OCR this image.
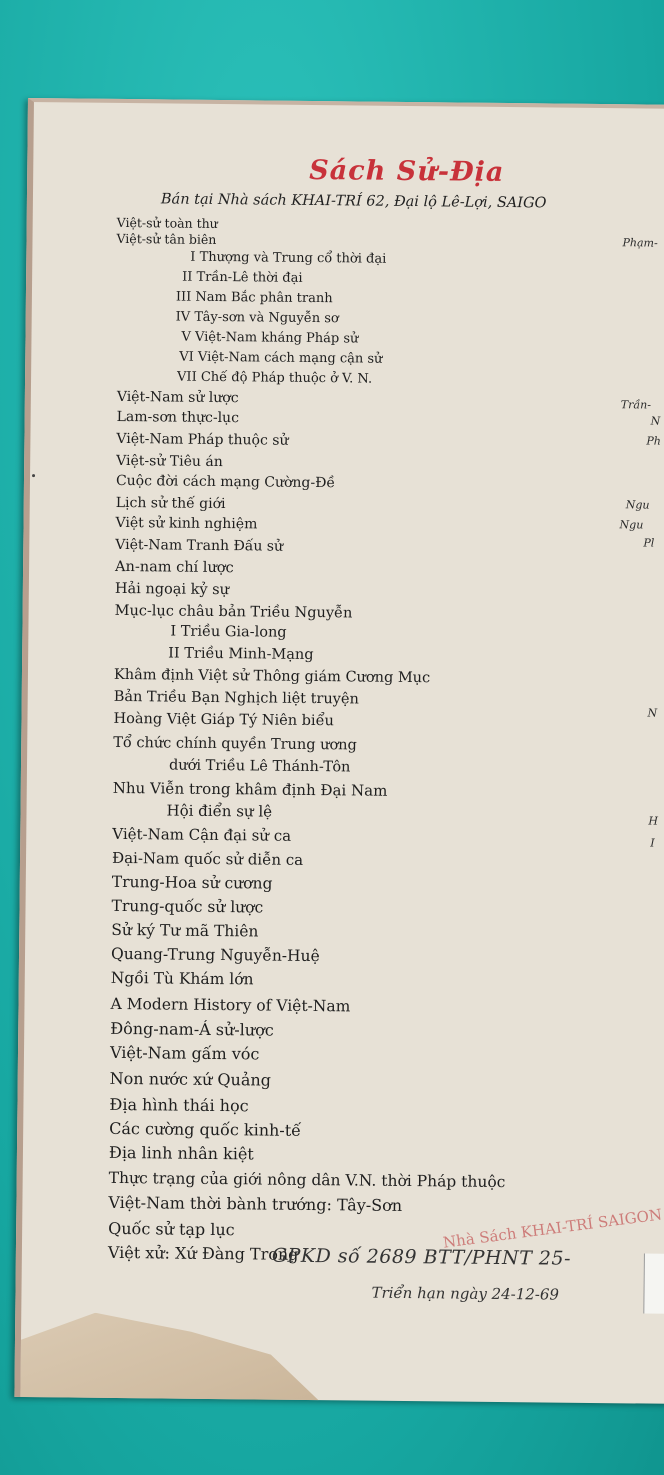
Sách Sử-Địa
Bán tại Nhà sách KHAI-TRÍ 62, Đại lộ Lê-Lợi, SAIGO
Việt-sử toàn thư
Việt-sử tân biên
I Thượng và Trung cổ thời đại
II Trần-Lê thời đại
III Nam Bắc phân tranh
IV Tây-sơn và Nguyễn sơ
V Việt-Nam kháng Pháp sử
VI Việt-Nam cách mạng cận sử
VII Chế độ Pháp thuộc ở V. N.
Việt-Nam sử lược
Lam-sơn thực-lục
Việt-Nam Pháp thuộc sử
Việt-sử Tiêu án
Cuộc đời cách mạng Cường-Đề
Lịch sử thế giới
Việt sử kinh nghiệm
Việt-Nam Tranh Đấu sử
An-nam chí lược
Hải ngoại kỷ sự
Mục-lục châu bản Triều Nguyễn
I Triều Gia-long
II Triều Minh-Mạng
Khâm định Việt sử Thông giám Cương Mục
Bản Triều Bạn Nghịch liệt truyện
Hoàng Việt Giáp Tý Niên biểu
Tổ chức chính quyền Trung ương
dưới Triều Lê Thánh-Tôn
Nhu Viễn trong khâm định Đại Nam
Hội điển sự lệ
Việt-Nam Cận đại sử ca
Đại-Nam quốc sử diễn ca
Trung-Hoa sử cương
Trung-quốc sử lược
Sử ký Tư mã Thiên
Quang-Trung Nguyễn-Huệ
Ngồi Tù Khám lớn
A Modern History of Việt-Nam
Đông-nam-Á sử-lược
Việt-Nam gấm vóc
Non nước xứ Quảng
Địa hình thái học
Các cường quốc kinh-tế
Địa linh nhân kiệt
Thực trạng của giới nông dân V.N. thời Pháp thuộc
Việt-Nam thời bành trướng: Tây-Sơn
Quốc sử tạp lục
Việt xử: Xứ Đàng Trong
Phạm-
Trần-
N
Ph
Ngu
Ngu
Pl
N
H
I
Nhà Sách KHAI-TRÍ SAIGON
GPKD số 2689 BTT/PHNT 25-
Triển hạn ngày 24-12-69
